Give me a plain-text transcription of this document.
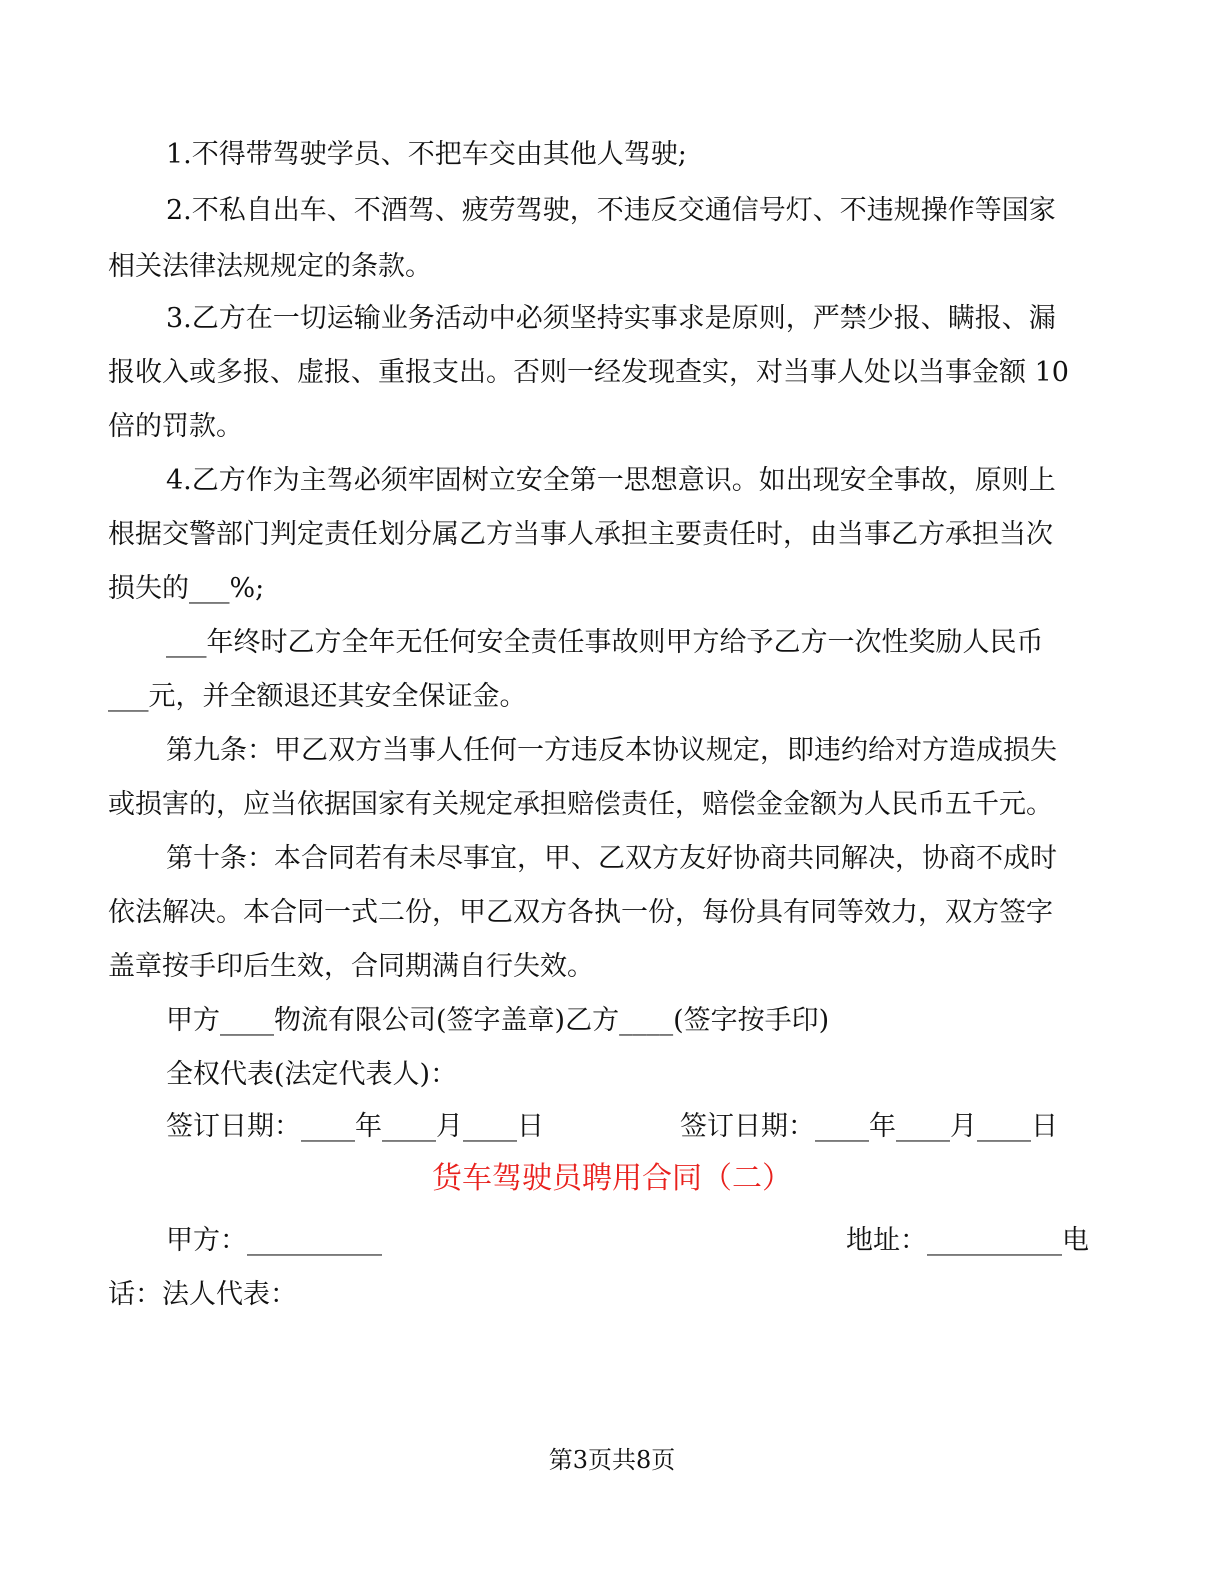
1.不得带驾驶学员、不把车交由其他人驾驶;
2.不私自出车、不酒驾、疲劳驾驶，不违反交通信号灯、不违规操作等国家
相关法律法规规定的条款。
3.乙方在一切运输业务活动中必须坚持实事求是原则，严禁少报、瞒报、漏
报收入或多报、虚报、重报支出。否则一经发现查实，对当事人处以当事金额 10
倍的罚款。
4.乙方作为主驾必须牢固树立安全第一思想意识。如出现安全事故，原则上
根据交警部门判定责任划分属乙方当事人承担主要责任时，由当事乙方承担当次
损失的___%;
___年终时乙方全年无任何安全责任事故则甲方给予乙方一次性奖励人民币
___元，并全额退还其安全保证金。
第九条：甲乙双方当事人任何一方违反本协议规定，即违约给对方造成损失
或损害的，应当依据国家有关规定承担赔偿责任，赔偿金金额为人民币五千元。
第十条：本合同若有未尽事宜，甲、乙双方友好协商共同解决，协商不成时
依法解决。本合同一式二份，甲乙双方各执一份，每份具有同等效力，双方签字
盖章按手印后生效，合同期满自行失效。
甲方____物流有限公司(签字盖章)乙方____(签字按手印)
全权代表(法定代表人)：
签订日期：____年____月____日	签订日期：____年____月____日
货车驾驶员聘用合同（二）
甲方：__________	地址：__________电
话：法人代表：
第3页共8页
